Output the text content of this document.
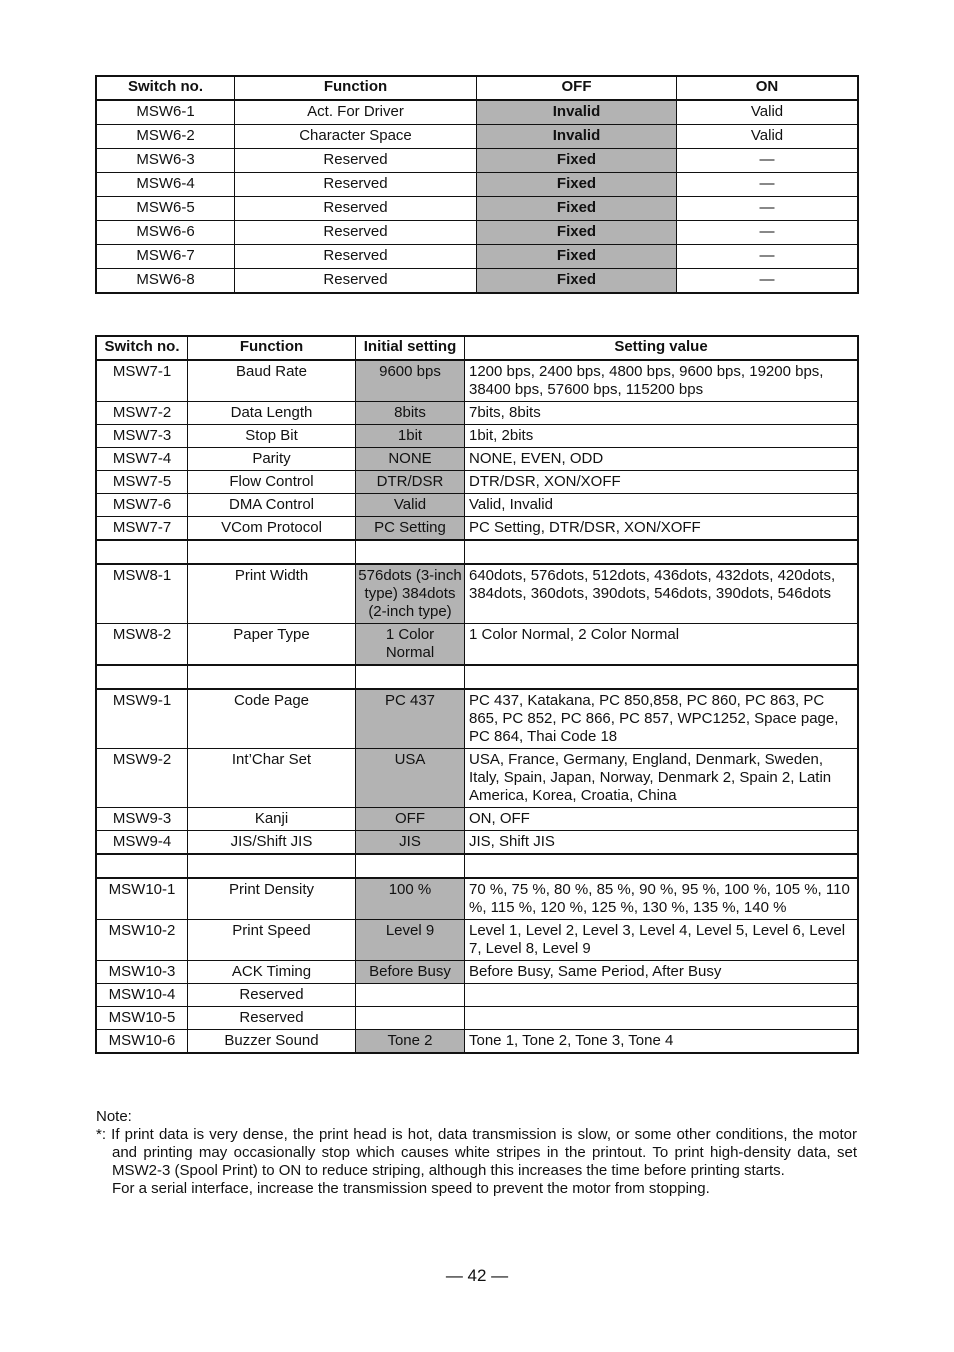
Switch no.	Function	OFF	ON
MSW6-1	Act. For Driver	Invalid	Valid
MSW6-2	Character Space	Invalid	Valid
MSW6-3	Reserved	Fixed	—
MSW6-4	Reserved	Fixed	—
MSW6-5	Reserved	Fixed	—
MSW6-6	Reserved	Fixed	—
MSW6-7	Reserved	Fixed	—
MSW6-8	Reserved	Fixed	—
Switch no.	Function	Initial setting	Setting value
MSW7-1	Baud Rate	9600 bps	1200 bps, 2400 bps, 4800 bps, 9600 bps, 19200 bps, 38400 bps, 57600 bps, 115200 bps
MSW7-2	Data Length	8bits	7bits, 8bits
MSW7-3	Stop Bit	1bit	1bit, 2bits
MSW7-4	Parity	NONE	NONE, EVEN, ODD
MSW7-5	Flow Control	DTR/DSR	DTR/DSR, XON/XOFF
MSW7-6	DMA Control	Valid	Valid, Invalid
MSW7-7	VCom Protocol	PC Setting	PC Setting, DTR/DSR, XON/XOFF

MSW8-1	Print Width	576dots (3-inch type) 384dots (2-inch type)	640dots, 576dots, 512dots, 436dots, 432dots, 420dots, 384dots, 360dots, 390dots, 546dots, 390dots, 546dots
MSW8-2	Paper Type	1 Color Normal	1 Color Normal, 2 Color Normal

MSW9-1	Code Page	PC 437	PC 437, Katakana, PC 850,858, PC 860, PC 863, PC 865, PC 852, PC 866, PC 857, WPC1252, Space page, PC 864, Thai Code 18
MSW9-2	Int’Char Set	USA	USA, France, Germany, England, Denmark, Sweden, Italy, Spain, Japan, Norway, Denmark 2, Spain 2, Latin America, Korea, Croatia, China
MSW9-3	Kanji	OFF	ON, OFF
MSW9-4	JIS/Shift JIS	JIS	JIS, Shift JIS

MSW10-1	Print Density	100 %	70 %, 75 %, 80 %, 85 %, 90 %, 95 %, 100 %, 105 %, 110 %, 115 %, 120 %, 125 %, 130 %, 135 %, 140 %
MSW10-2	Print Speed	Level 9	Level 1, Level 2, Level 3, Level 4, Level 5, Level 6, Level 7, Level 8, Level 9
MSW10-3	ACK Timing	Before Busy	Before Busy, Same Period, After Busy
MSW10-4	Reserved		
MSW10-5	Reserved		
MSW10-6	Buzzer Sound	Tone 2	Tone 1, Tone 2, Tone 3, Tone 4
Note:
*: If print data is very dense, the print head is hot, data transmission is slow, or some other conditions, the motor and printing may occasionally stop which causes white stripes in the printout. To print high-density data, set MSW2-3 (Spool Print) to ON to reduce striping, although this increases the time before printing starts.
For a serial interface, increase the transmission speed to prevent the motor from stopping.
— 42 —
